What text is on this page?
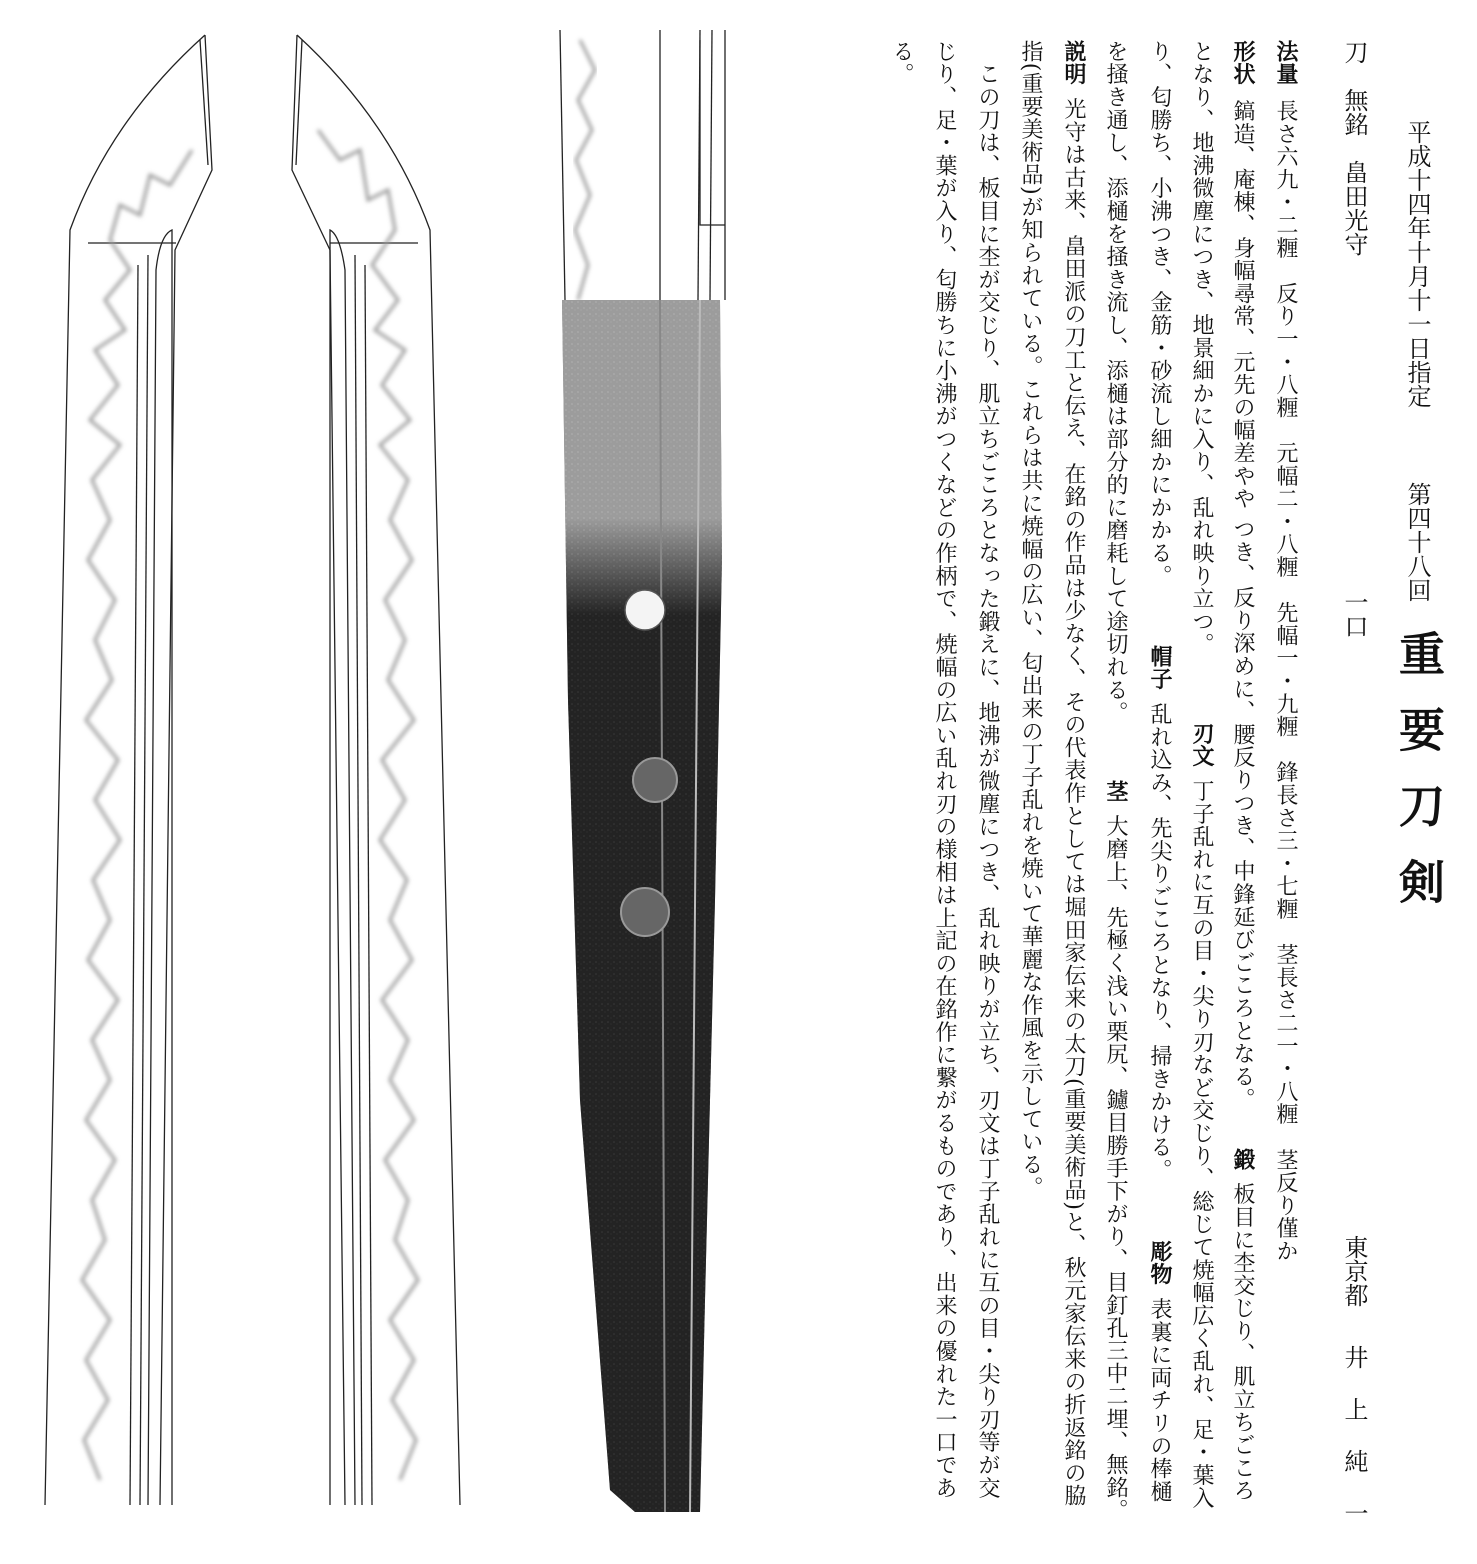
平成十四年十月十一日指定
第四十八回
重要刀剣
刀　無銘　畠田光守
一口
東京都
井上純一
法量長さ六九・二糎　反り一・八糎　元幅二・八糎　先幅一・九糎　鋒長さ三・七糎　茎長さ二一・八糎　茎反り僅か
形状鎬造、庵棟、身幅尋常、元先の幅差やや つき、反り深めに、腰反りつき、中鋒延びごころとなる。
鍛板目に杢交じり、肌立ちごころ
となり、地沸微塵につき、地景細かに入り、乱れ映り立つ。
刃文丁子乱れに互の目・尖り刃など交じり、総じて焼幅広く乱れ、足・葉入
り、匂勝ち、小沸つき、金筋・砂流し細かにかかる。
帽子乱れ込み、先尖りごころとなり、掃きかける。
彫物表裏に両チリの棒樋
を掻き通し、添樋を掻き流し、添樋は部分的に磨耗して途切れる。
茎大磨上、先極く浅い栗尻、鑢目勝手下がり、目釘孔三中二埋、無銘。
説明光守は古来、畠田派の刀工と伝え、在銘の作品は少なく、その代表作としては堀田家伝来の太刀(重要美術品)と、秋元家伝来の折返銘の脇
指(重要美術品)が知られている。これらは共に焼幅の広い、匂出来の丁子乱れを焼いて華麗な作風を示している。
　この刀は、板目に杢が交じり、肌立ちごころとなった鍛えに、地沸が微塵につき、乱れ映りが立ち、刃文は丁子乱れに互の目・尖り刃等が交
じり、足・葉が入り、匂勝ちに小沸がつくなどの作柄で、焼幅の広い乱れ刃の様相は上記の在銘作に繋がるものであり、出来の優れた一口であ
る。
